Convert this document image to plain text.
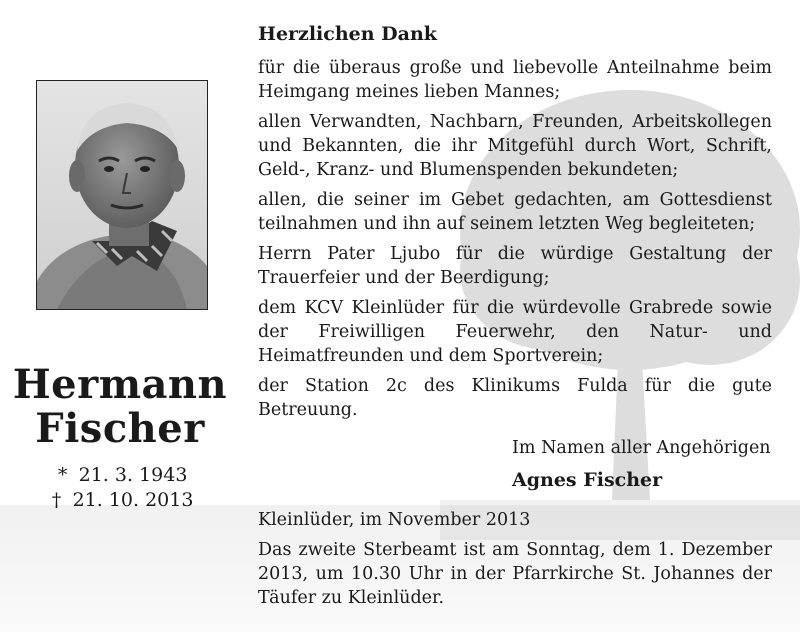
Hermann
Fischer
* 21. 3. 1943
† 21. 10. 2013
Herzlichen Dank
für die überaus große und liebevolle Anteilnahme beim Heimgang meines lieben Mannes;
allen Verwandten, Nachbarn, Freunden, Arbeitskollegen und Bekannten, die ihr Mitgefühl durch Wort, Schrift, Geld-, Kranz- und Blumenspenden bekundeten;
allen, die seiner im Gebet gedachten, am Gottesdienst teilnahmen und ihn auf seinem letzten Weg begleiteten;
Herrn Pater Ljubo für die würdige Gestaltung der Trauerfeier und der Beerdigung;
dem KCV Kleinlüder für die würdevolle Grabrede sowie der Freiwilligen Feuerwehr, den Natur- und Heimatfreunden und dem Sportverein;
der Station 2c des Klinikums Fulda für die gute Betreuung.
Im Namen aller Angehörigen
Agnes Fischer
Kleinlüder, im November 2013
Das zweite Sterbeamt ist am Sonntag, dem 1. Dezember 2013, um 10.30 Uhr in der Pfarrkirche St. Johannes der Täufer zu Kleinlüder.
